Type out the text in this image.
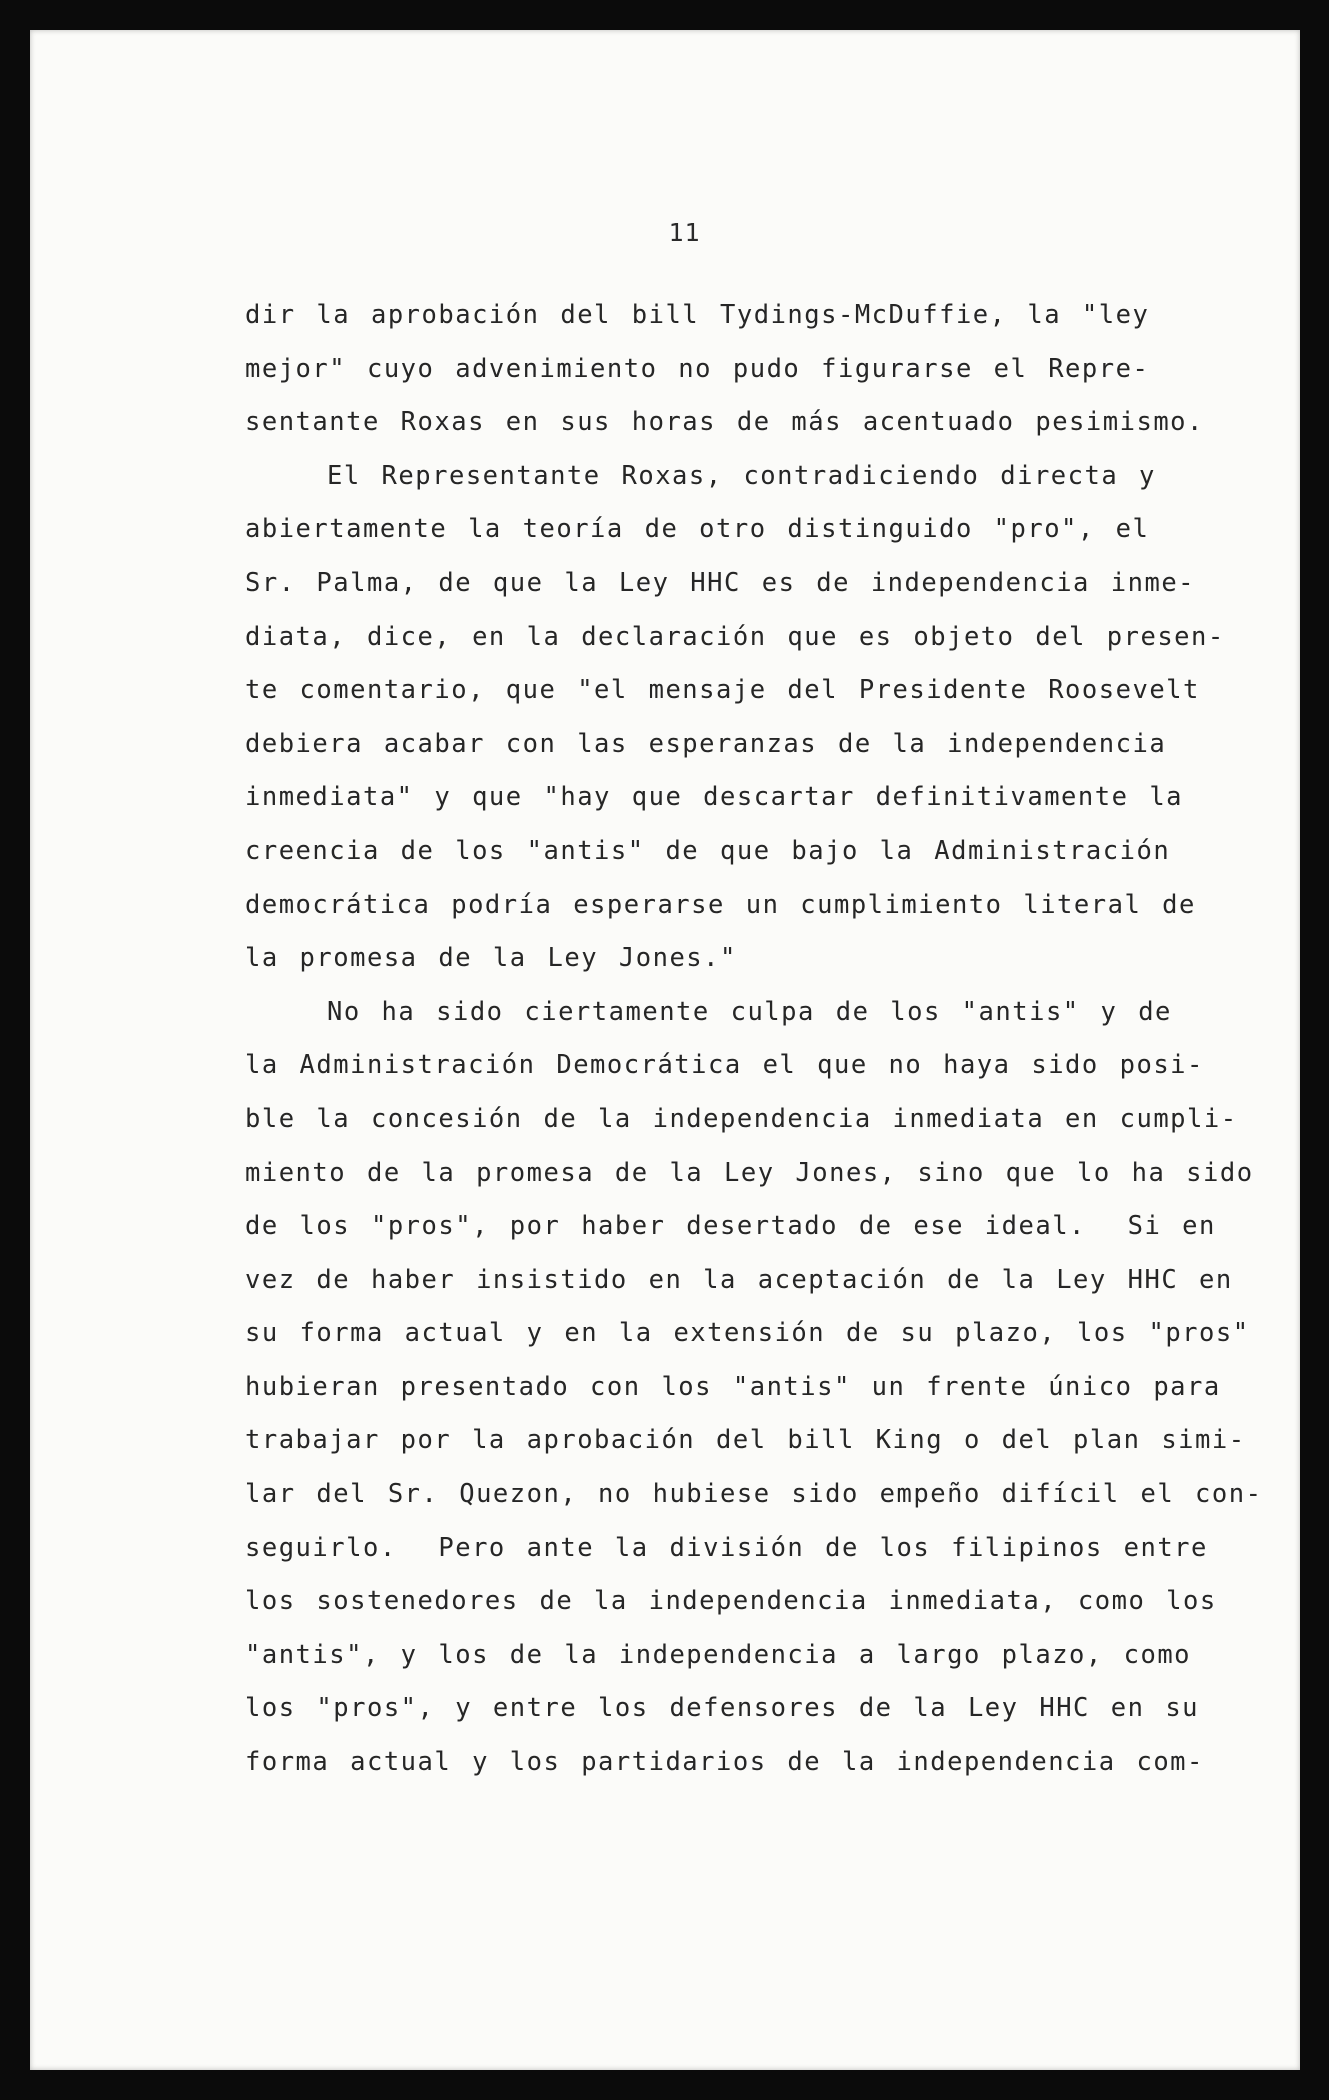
11
dir la aprobación del bill Tydings-McDuffie, la "ley
mejor" cuyo advenimiento no pudo figurarse el Repre-
sentante Roxas en sus horas de más acentuado pesimismo.
El Representante Roxas, contradiciendo directa y
abiertamente la teoría de otro distinguido "pro", el
Sr. Palma, de que la Ley HHC es de independencia inme-
diata, dice, en la declaración que es objeto del presen-
te comentario, que "el mensaje del Presidente Roosevelt
debiera acabar con las esperanzas de la independencia
inmediata" y que "hay que descartar definitivamente la
creencia de los "antis" de que bajo la Administración
democrática podría esperarse un cumplimiento literal de
la promesa de la Ley Jones."
No ha sido ciertamente culpa de los "antis" y de
la Administración Democrática el que no haya sido posi-
ble la concesión de la independencia inmediata en cumpli-
miento de la promesa de la Ley Jones, sino que lo ha sido
de los "pros", por haber desertado de ese ideal.  Si en
vez de haber insistido en la aceptación de la Ley HHC en
su forma actual y en la extensión de su plazo, los "pros"
hubieran presentado con los "antis" un frente único para
trabajar por la aprobación del bill King o del plan simi-
lar del Sr. Quezon, no hubiese sido empeño difícil el con-
seguirlo.  Pero ante la división de los filipinos entre
los sostenedores de la independencia inmediata, como los
"antis", y los de la independencia a largo plazo, como
los "pros", y entre los defensores de la Ley HHC en su
forma actual y los partidarios de la independencia com-
